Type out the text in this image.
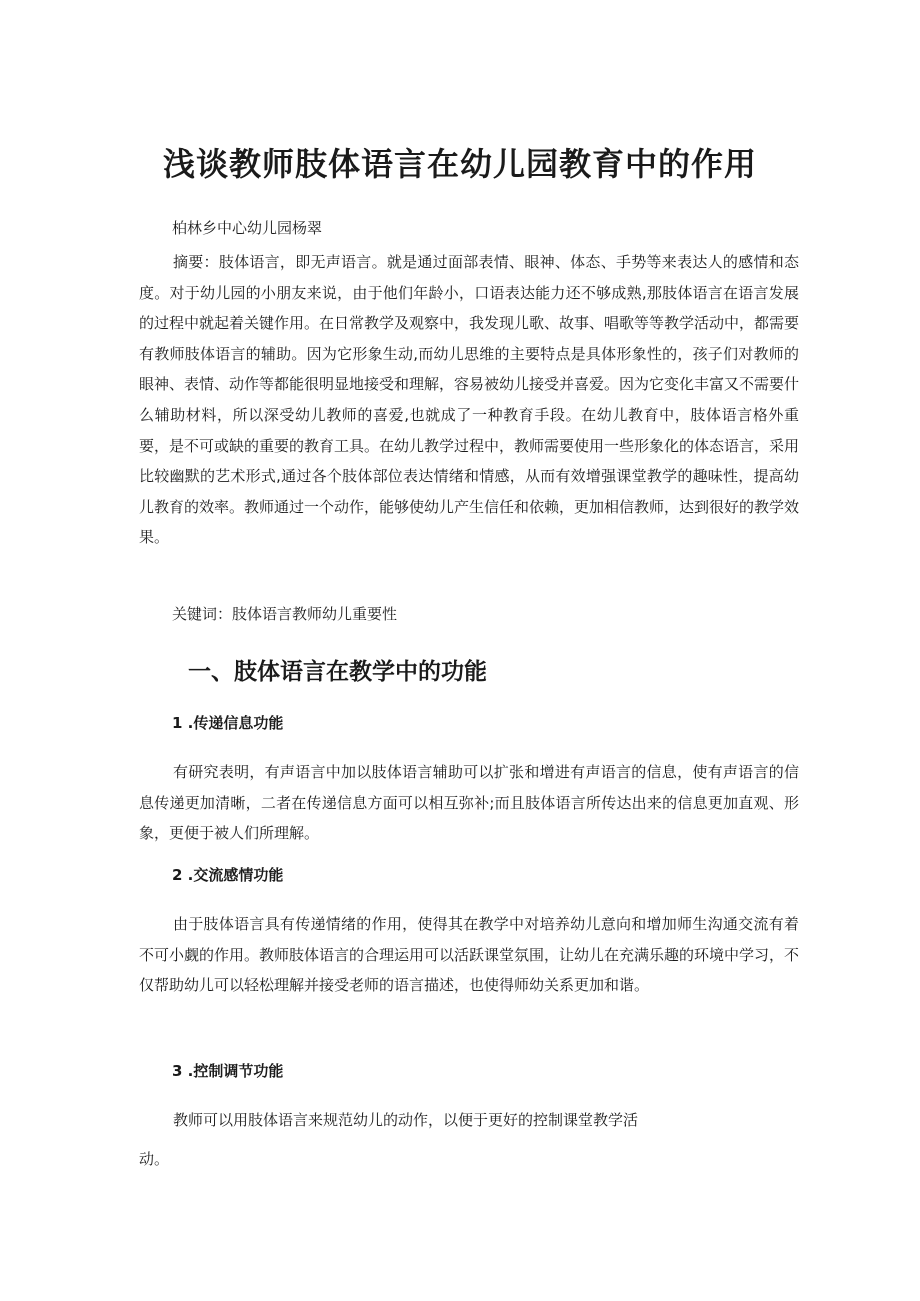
浅谈教师肢体语言在幼儿园教育中的作用
柏林乡中心幼儿园杨翠

摘要：肢体语言，即无声语言。就是通过面部表情、眼神、体态、手势等来表达人的感情和态度。对于幼儿园的小朋友来说，由于他们年龄小，口语表达能力还不够成熟,那肢体语言在语言发展的过程中就起着关键作用。在日常教学及观察中，我发现儿歌、故事、唱歌等等教学活动中，都需要有教师肢体语言的辅助。因为它形象生动,而幼儿思维的主要特点是具体形象性的，孩子们对教师的眼神、表情、动作等都能很明显地接受和理解，容易被幼儿接受并喜爱。因为它变化丰富又不需要什么辅助材料，所以深受幼儿教师的喜爱,也就成了一种教育手段。在幼儿教育中，肢体语言格外重要，是不可或缺的重要的教育工具。在幼儿教学过程中，教师需要使用一些形象化的体态语言，采用比较幽默的艺术形式,通过各个肢体部位表达情绪和情感，从而有效增强课堂教学的趣味性，提高幼儿教育的效率。教师通过一个动作，能够使幼儿产生信任和依赖，更加相信教师，达到很好的教学效果。

关键词：肢体语言教师幼儿重要性
一、肢体语言在教学中的功能
1 .传递信息功能

有研究表明，有声语言中加以肢体语言辅助可以扩张和增进有声语言的信息，使有声语言的信息传递更加清晰，二者在传递信息方面可以相互弥补;而且肢体语言所传达出来的信息更加直观、形象，更便于被人们所理解。

2 .交流感情功能

由于肢体语言具有传递情绪的作用，使得其在教学中对培养幼儿意向和增加师生沟通交流有着不可小觑的作用。教师肢体语言的合理运用可以活跃课堂氛围，让幼儿在充满乐趣的环境中学习，不仅帮助幼儿可以轻松理解并接受老师的语言描述，也使得师幼关系更加和谐。

3 .控制调节功能

教师可以用肢体语言来规范幼儿的动作，以便于更好的控制课堂教学活

动。
